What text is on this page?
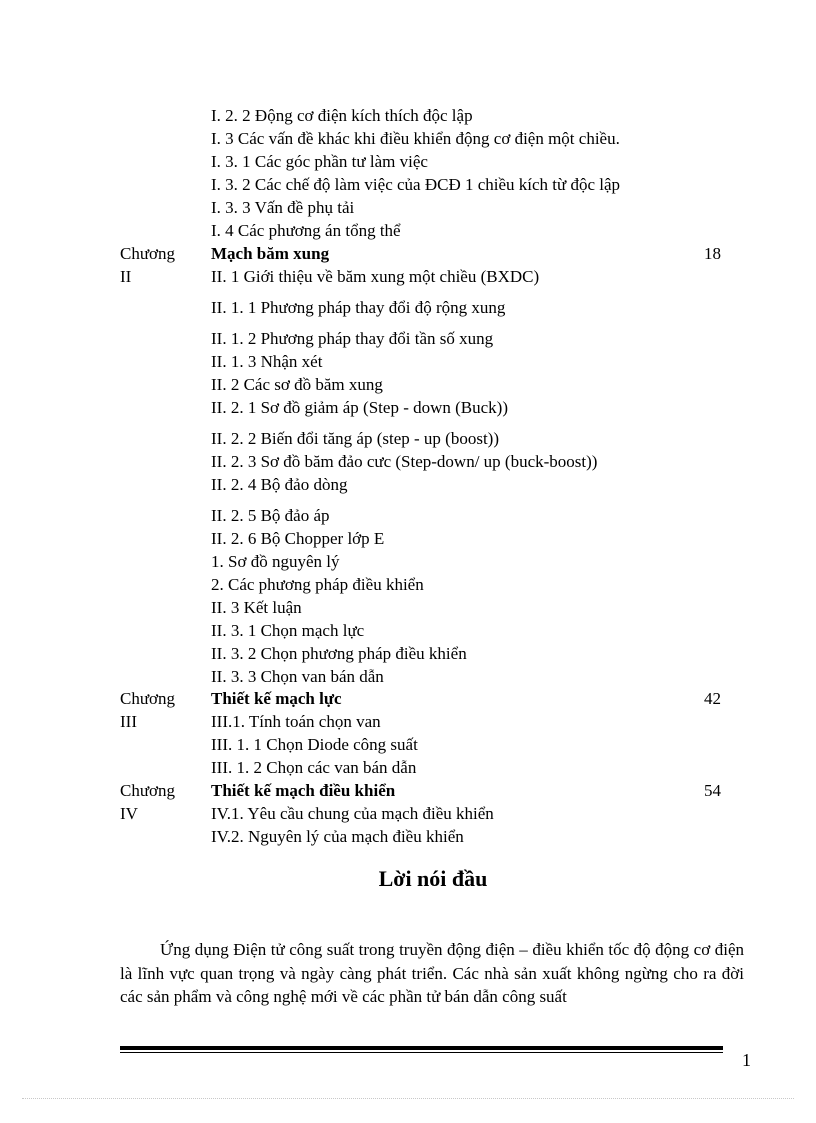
I. 2. 2 Động cơ điện kích thích độc lập
I. 3 Các vấn đề khác khi điều khiển động cơ điện một chiều.
I. 3. 1 Các góc phần tư làm việc
I. 3. 2 Các chế độ làm việc của ĐCĐ 1 chiều kích từ độc lập
I. 3. 3 Vấn đề phụ tải
I. 4 Các phương án tổng thể
Chương Mạch băm xung	18
II	II. 1 Giới thiệu về băm xung một chiều (BXDC)
II. 1. 1 Phương pháp thay đổi độ rộng xung
II. 1. 2 Phương pháp thay đổi tần số xung
II. 1. 3 Nhận xét
II. 2 Các sơ đồ băm xung
II. 2. 1 Sơ đồ giảm áp (Step - down (Buck))
II. 2. 2 Biến đổi tăng áp (step - up (boost))
II. 2. 3 Sơ đồ băm đảo cưc (Step-down/ up (buck-boost))
II. 2. 4 Bộ đảo dòng
II. 2. 5 Bộ đảo áp
II. 2. 6 Bộ Chopper lớp E
1. Sơ đồ nguyên lý
2. Các phương pháp điều khiển
II. 3 Kết luận
II. 3. 1 Chọn mạch lực
II. 3. 2 Chọn phương pháp điều khiển
II. 3. 3 Chọn van bán dẫn
Chương Thiết kế mạch lực	42
III	III.1. Tính toán chọn van
III. 1. 1 Chọn Diode công suất
III. 1. 2 Chọn các van bán dẫn
Chương Thiết kế mạch điều khiển	54
IV	IV.1. Yêu cầu chung của mạch điều khiển
IV.2. Nguyên lý của mạch điều khiển
Lời nói đầu
Ứng dụng Điện tử công suất trong truyền động điện – điều khiển tốc độ động cơ điện là lĩnh vực quan trọng và ngày càng phát triển. Các nhà sản xuất không ngừng cho ra đời các sản phẩm và công nghệ mới về các phần tử bán dẫn công suất
1
